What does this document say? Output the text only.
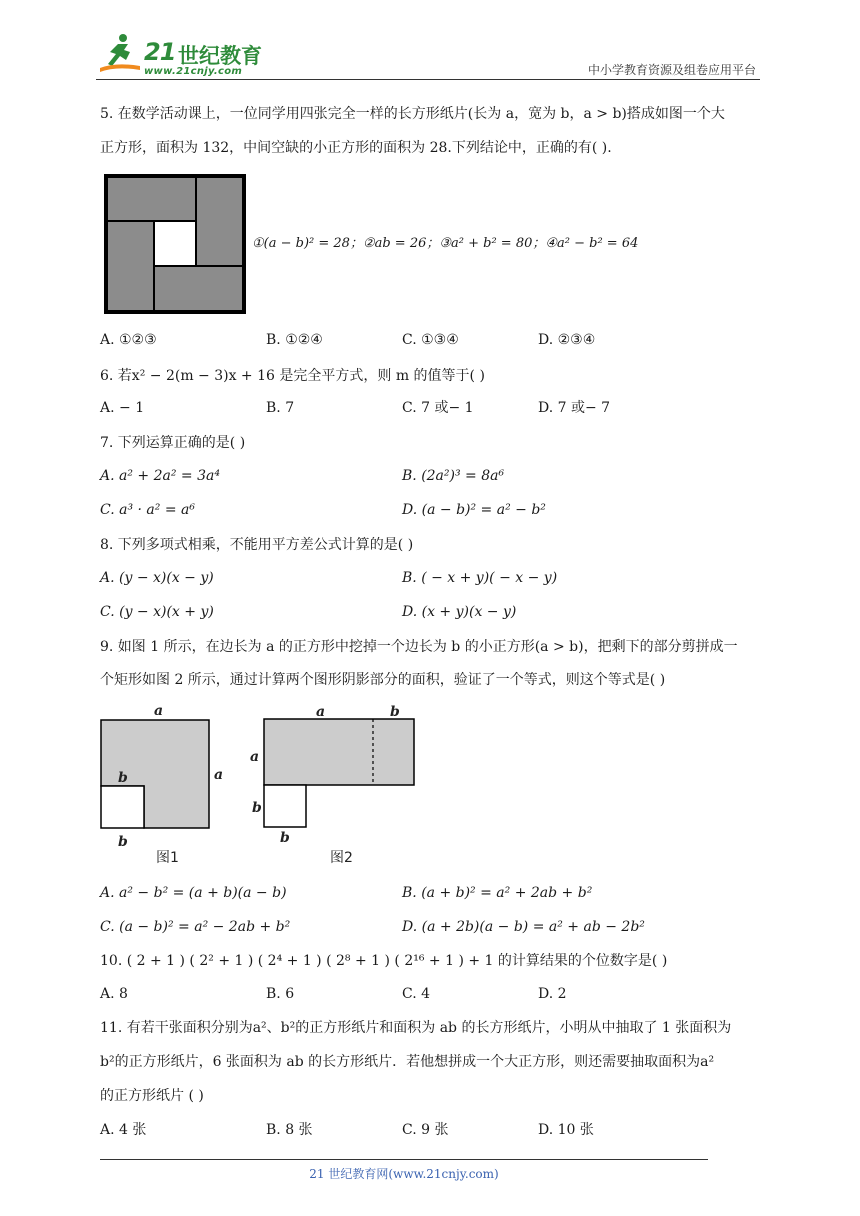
21 世纪教育
www.21cnjy.com	中小学教育资源及组卷应用平台
5. 在数学活动课上，一位同学用四张完全一样的长方形纸片(长为 a，宽为 b，a > b)搭成如图一个大
正方形，面积为 132，中间空缺的小正方形的面积为 28.下列结论中，正确的有( ).
①(a − b)² = 28；②ab = 26；③a² + b² = 80；④a² − b² = 64
A. ①②③	B. ①②④	C. ①③④	D. ②③④
6. 若x² − 2(m − 3)x + 16 是完全平方式，则 m 的值等于( )
A. − 1	B. 7	C. 7 或− 1	D. 7 或− 7
7. 下列运算正确的是( )
A. a² + 2a² = 3a⁴	B. (2a²)³ = 8a⁶
C. a³ · a² = a⁶	D. (a − b)² = a² − b²
8. 下列多项式相乘，不能用平方差公式计算的是( )
A. (y − x)(x − y)	B. ( − x + y)( − x − y)
C. (y − x)(x + y)	D. (x + y)(x − y)
9. 如图 1 所示，在边长为 a 的正方形中挖掉一个边长为 b 的小正方形(a > b)，把剩下的部分剪拼成一
个矩形如图 2 所示，通过计算两个图形阴影部分的面积，验证了一个等式，则这个等式是( )
a
a
b
b
图1
a	b
a
b
b
图2
A. a² − b² = (a + b)(a − b)	B. (a + b)² = a² + 2ab + b²
C. (a − b)² = a² − 2ab + b²	D. (a + 2b)(a − b) = a² + ab − 2b²
10. ( 2 + 1 ) ( 2² + 1 ) ( 2⁴ + 1 ) ( 2⁸ + 1 ) ( 2¹⁶ + 1 ) + 1 的计算结果的个位数字是( )
A. 8	B. 6	C. 4	D. 2
11. 有若干张面积分别为a²、b²的正方形纸片和面积为 ab 的长方形纸片，小明从中抽取了 1 张面积为
b²的正方形纸片，6 张面积为 ab 的长方形纸片．若他想拼成一个大正方形，则还需要抽取面积为a²
的正方形纸片 ( )
A. 4 张	B. 8 张	C. 9 张	D. 10 张
21 世纪教育网(www.21cnjy.com)
